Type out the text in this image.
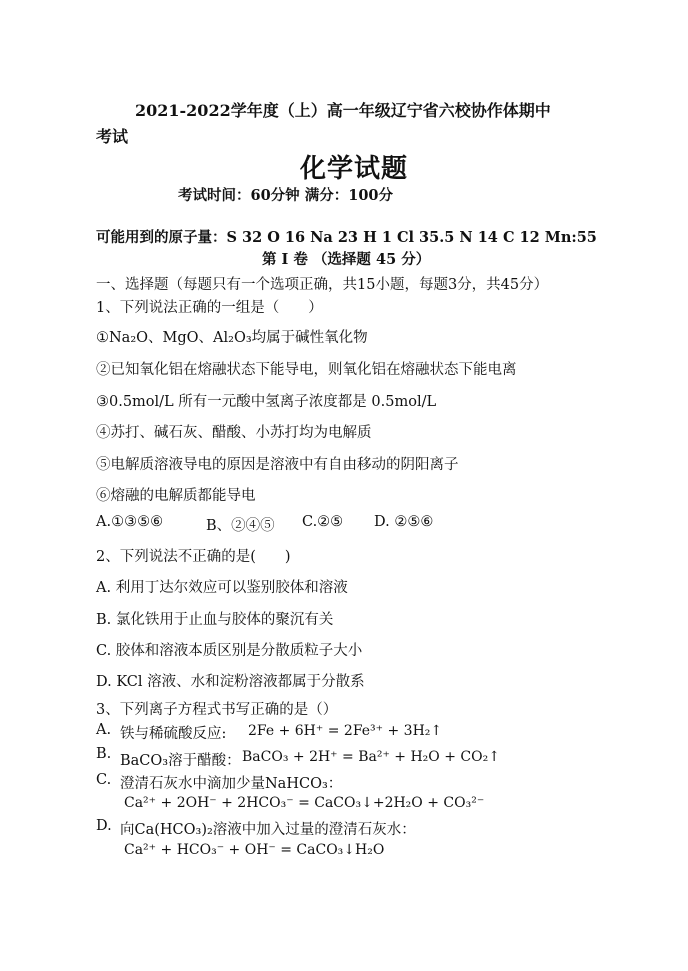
2021-2022学年度（上）高一年级辽宁省六校协作体期中
考试
化学试题
考试时间：60分钟 满分：100分
可能用到的原子量：S 32 O 16 Na 23 H 1 Cl 35.5 N 14 C 12 Mn:55
第 I 卷 （选择题 45 分）
一、选择题（每题只有一个选项正确，共15小题，每题3分，共45分）
1、下列说法正确的一组是（　　）
①Na₂O、MgO、Al₂O₃均属于碱性氧化物
②已知氧化铝在熔融状态下能导电，则氧化铝在熔融状态下能电离
③0.5mol/L 所有一元酸中氢离子浓度都是 0.5mol/L
④苏打、碱石灰、醋酸、小苏打均为电解质
⑤电解质溶液导电的原因是溶液中有自由移动的阴阳离子
⑥熔融的电解质都能导电
A.①③⑤⑥	B、②④⑤ C.②⑤ D. ②⑤⑥
2、下列说法不正确的是(　　)
A. 利用丁达尔效应可以鉴别胶体和溶液
B. 氯化铁用于止血与胶体的聚沉有关
C. 胶体和溶液本质区别是分散质粒子大小
D. KCl 溶液、水和淀粉溶液都属于分散系
3、下列离子方程式书写正确的是（）
A. 铁与稀硫酸反应: 2Fe + 6H⁺ = 2Fe³⁺ + 3H₂↑
B. BaCO₃溶于醋酸： BaCO₃ + 2H⁺ = Ba²⁺ + H₂O + CO₂↑
C. 澄清石灰水中滴加少量NaHCO₃：
Ca²⁺ + 2OH⁻ + 2HCO₃⁻ = CaCO₃↓+2H₂O + CO₃²⁻
D. 向Ca(HCO₃)₂溶液中加入过量的澄清石灰水：
Ca²⁺ + HCO₃⁻ + OH⁻ = CaCO₃↓H₂O
